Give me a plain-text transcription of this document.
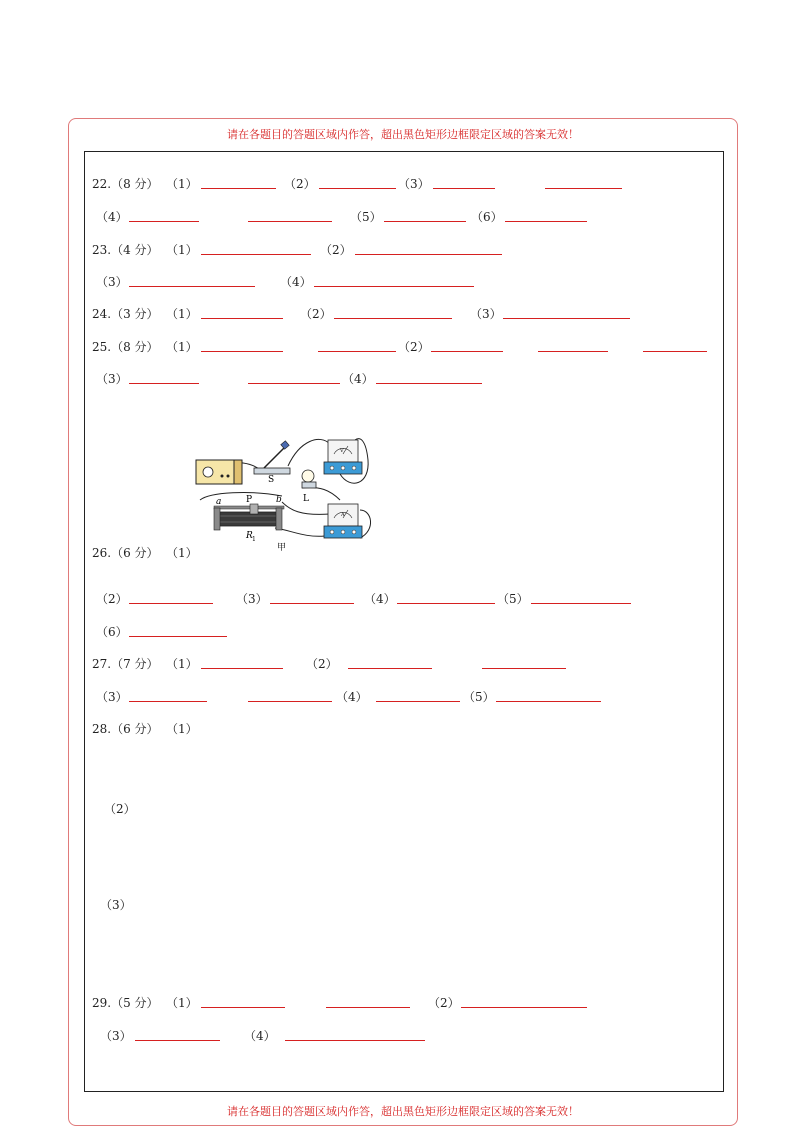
请在各题目的答题区域内作答，超出黑色矩形边框限定区域的答案无效！
请在各题目的答题区域内作答，超出黑色矩形边框限定区域的答案无效！
22.（8 分） （1）	（2）	（3）
（4）	（5）	（6）
23.（4 分） （1）	（2）
（3）	（4）
24.（3 分） （1）	（2）	（3）
25.（8 分） （1）	（2）
（3）	（4）
S
L
V
A
a	P	b
R 1
甲
26.（6 分） （1）
（2）	（3）	（4）	（5）
（6）
27.（7 分） （1）	（2）
（3）	（4）	（5）
28.（6 分） （1）
（2）
（3）
29.（5 分） （1）	（2）
（3）	（4）
